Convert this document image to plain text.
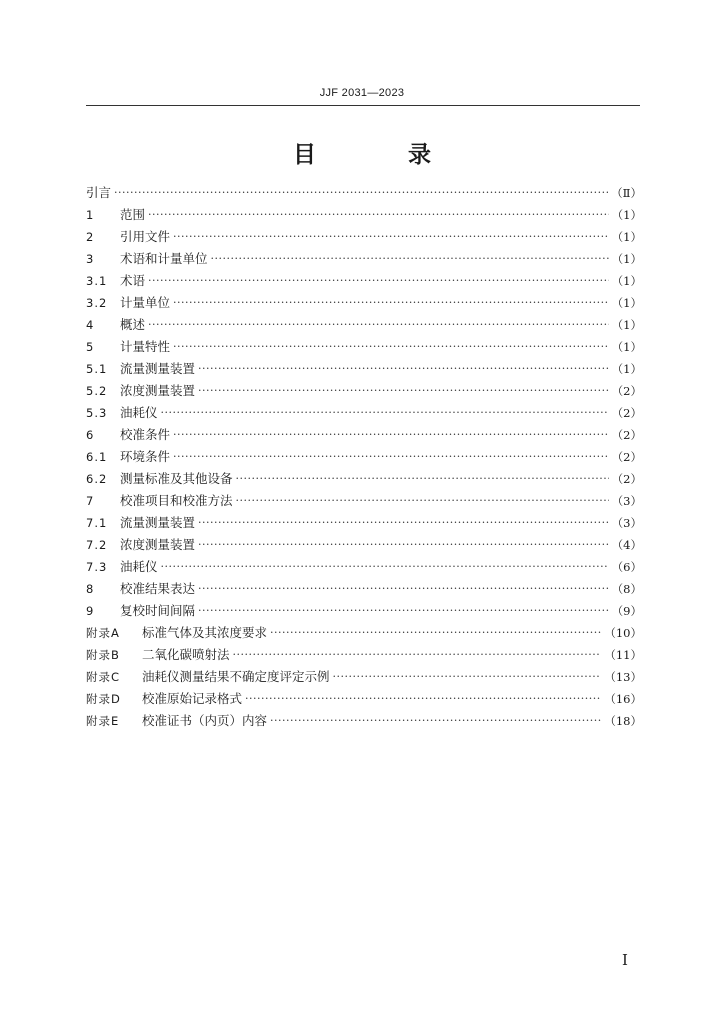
JJF 2031—2023
目 录
引言 ·····	（Ⅱ）
1	范围 ·····	（1）
2	引用文件 ·····	（1）
3	术语和计量单位 ·····	（1）
3.1	术语 ·····	（1）
3.2	计量单位 ·····	（1）
4	概述 ·····	（1）
5	计量特性 ·····	（1）
5.1	流量测量装置 ·····	（1）
5.2	浓度测量装置 ·····	（2）
5.3	油耗仪 ·····	（2）
6	校准条件 ·····	（2）
6.1	环境条件 ·····	（2）
6.2	测量标准及其他设备 ·····	（2）
7	校准项目和校准方法 ·····	（3）
7.1	流量测量装置 ·····	（3）
7.2	浓度测量装置 ·····	（4）
7.3	油耗仪 ·····	（6）
8	校准结果表达 ·····	（8）
9	复校时间间隔 ·····	（9）
附录A	标准气体及其浓度要求 ·····	（10）
附录B	二氧化碳喷射法 ·····	（11）
附录C	油耗仪测量结果不确定度评定示例 ·····	（13）
附录D	校准原始记录格式 ·····	（16）
附录E	校准证书（内页）内容 ·····	（18）
Ⅰ
